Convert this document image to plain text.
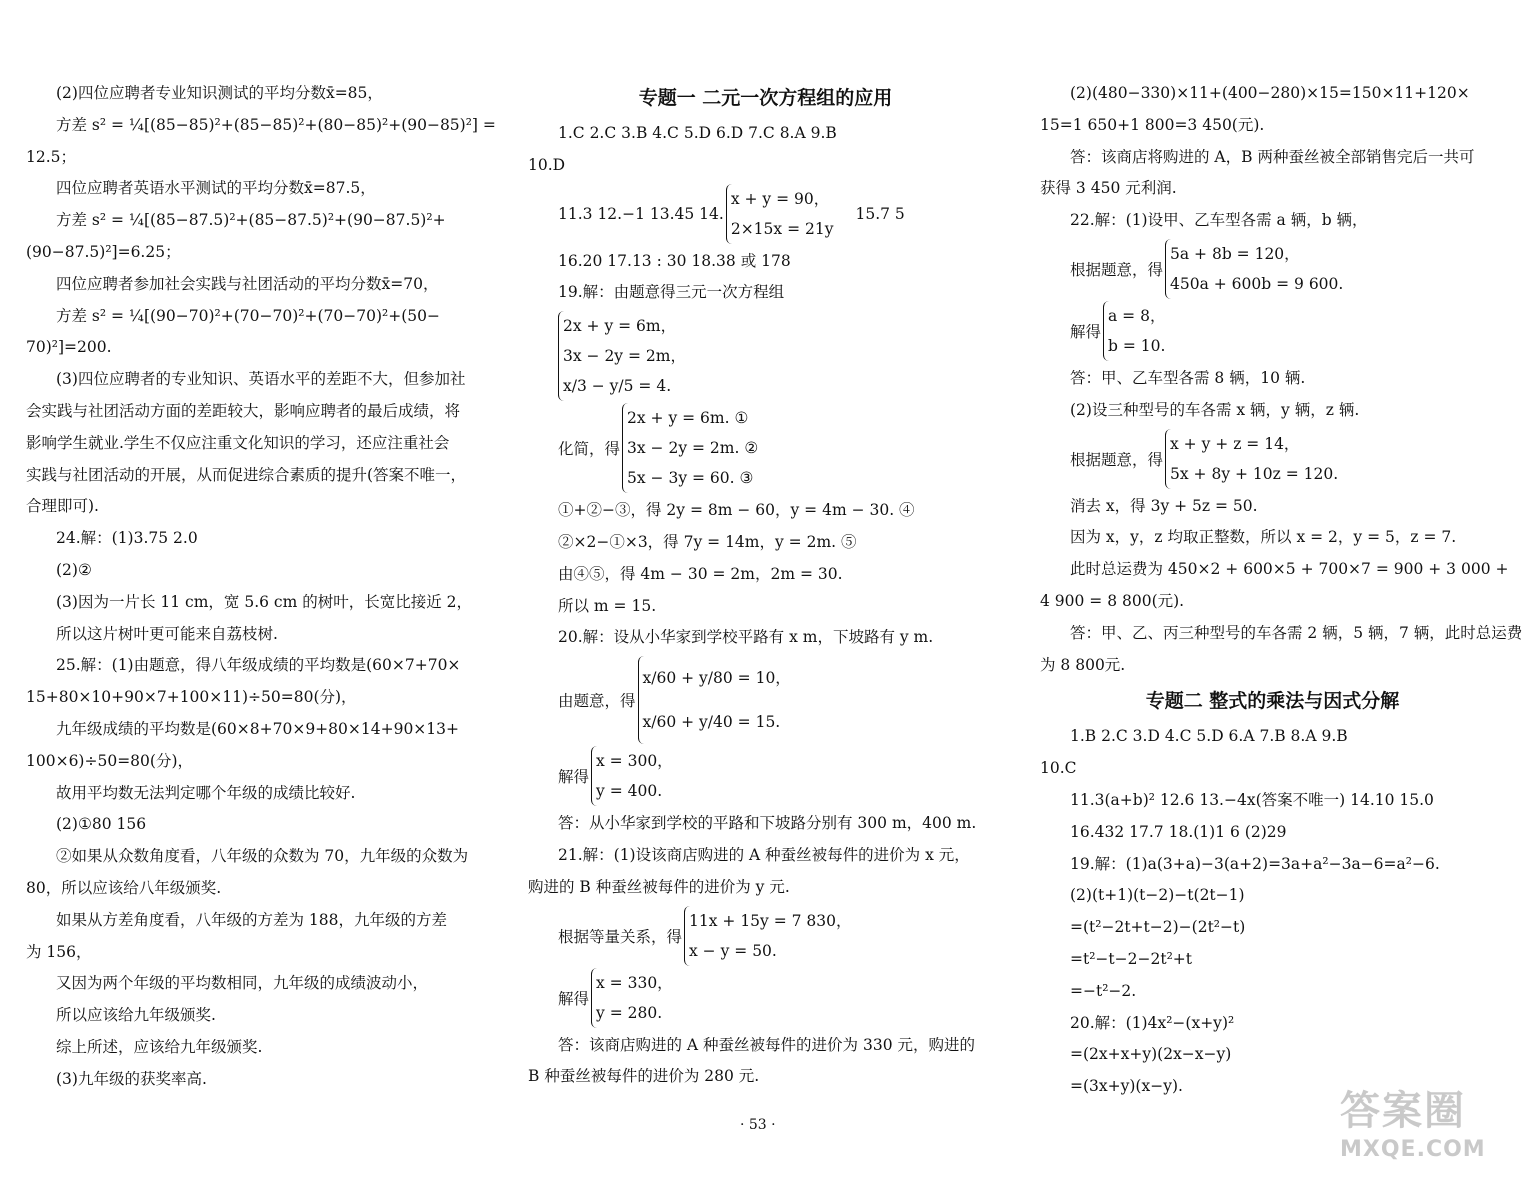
(2)四位应聘者专业知识测试的平均分数x̄=85，
方差 s² = ¼[(85−85)²+(85−85)²+(80−85)²+(90−85)²] =
12.5；
四位应聘者英语水平测试的平均分数x̄=87.5，
方差 s² = ¼[(85−87.5)²+(85−87.5)²+(90−87.5)²+
(90−87.5)²]=6.25；
四位应聘者参加社会实践与社团活动的平均分数x̄=70，
方差 s² = ¼[(90−70)²+(70−70)²+(70−70)²+(50−
70)²]=200.
(3)四位应聘者的专业知识、英语水平的差距不大，但参加社
会实践与社团活动方面的差距较大，影响应聘者的最后成绩，将
影响学生就业.学生不仅应注重文化知识的学习，还应注重社会
实践与社团活动的开展，从而促进综合素质的提升(答案不唯一，
合理即可).
24.解：(1)3.75 2.0
(2)②
(3)因为一片长 11 cm，宽 5.6 cm 的树叶，长宽比接近 2，
所以这片树叶更可能来自荔枝树.
25.解：(1)由题意，得八年级成绩的平均数是(60×7+70×
15+80×10+90×7+100×11)÷50=80(分)，
九年级成绩的平均数是(60×8+70×9+80×14+90×13+
100×6)÷50=80(分)，
故用平均数无法判定哪个年级的成绩比较好.
(2)①80 156
②如果从众数角度看，八年级的众数为 70，九年级的众数为
80，所以应该给八年级颁奖.
如果从方差角度看，八年级的方差为 188，九年级的方差
为 156，
又因为两个年级的平均数相同，九年级的成绩波动小，
所以应该给九年级颁奖.
综上所述，应该给九年级颁奖.
(3)九年级的获奖率高.
专题一 二元一次方程组的应用
1.C 2.C 3.B 4.C 5.D 6.D 7.C 8.A 9.B
10.D
11.3 12.−1 13.45 14.
x + y = 90，
2×15x = 21y
15.7 5
16.20 17.13 : 30 18.38 或 178
19.解：由题意得三元一次方程组
2x + y = 6m，
3x − 2y = 2m，
x/3 − y/5 = 4.
化简，得
2x + y = 6m. ①
3x − 2y = 2m. ②
5x − 3y = 60. ③
①+②−③，得 2y = 8m − 60，y = 4m − 30. ④
②×2−①×3，得 7y = 14m，y = 2m. ⑤
由④⑤，得 4m − 30 = 2m，2m = 30.
所以 m = 15.
20.解：设从小华家到学校平路有 x m，下坡路有 y m.
由题意，得
x/60 + y/80 = 10，
x/60 + y/40 = 15.
解得
x = 300，
y = 400.
答：从小华家到学校的平路和下坡路分别有 300 m，400 m.
21.解：(1)设该商店购进的 A 种蚕丝被每件的进价为 x 元，
购进的 B 种蚕丝被每件的进价为 y 元.
根据等量关系，得
11x + 15y = 7 830，
x − y = 50.
解得
x = 330，
y = 280.
答：该商店购进的 A 种蚕丝被每件的进价为 330 元，购进的
B 种蚕丝被每件的进价为 280 元.
(2)(480−330)×11+(400−280)×15=150×11+120×
15=1 650+1 800=3 450(元).
答：该商店将购进的 A，B 两种蚕丝被全部销售完后一共可
获得 3 450 元利润.
22.解：(1)设甲、乙车型各需 a 辆，b 辆，
根据题意，得
5a + 8b = 120，
450a + 600b = 9 600.
解得
a = 8，
b = 10.
答：甲、乙车型各需 8 辆，10 辆.
(2)设三种型号的车各需 x 辆，y 辆，z 辆.
根据题意，得
x + y + z = 14，
5x + 8y + 10z = 120.
消去 x，得 3y + 5z = 50.
因为 x，y，z 均取正整数，所以 x = 2，y = 5，z = 7.
此时总运费为 450×2 + 600×5 + 700×7 = 900 + 3 000 +
4 900 = 8 800(元).
答：甲、乙、丙三种型号的车各需 2 辆，5 辆，7 辆，此时总运费
为 8 800元.
专题二 整式的乘法与因式分解
1.B 2.C 3.D 4.C 5.D 6.A 7.B 8.A 9.B
10.C
11.3(a+b)² 12.6 13.−4x(答案不唯一) 14.10 15.0
16.432 17.7 18.(1)1 6 (2)29
19.解：(1)a(3+a)−3(a+2)=3a+a²−3a−6=a²−6.
(2)(t+1)(t−2)−t(2t−1)
=(t²−2t+t−2)−(2t²−t)
=t²−t−2−2t²+t
=−t²−2.
20.解：(1)4x²−(x+y)²
=(2x+x+y)(2x−x−y)
=(3x+y)(x−y).
· 53 ·	答案圈
MXQE.COM
